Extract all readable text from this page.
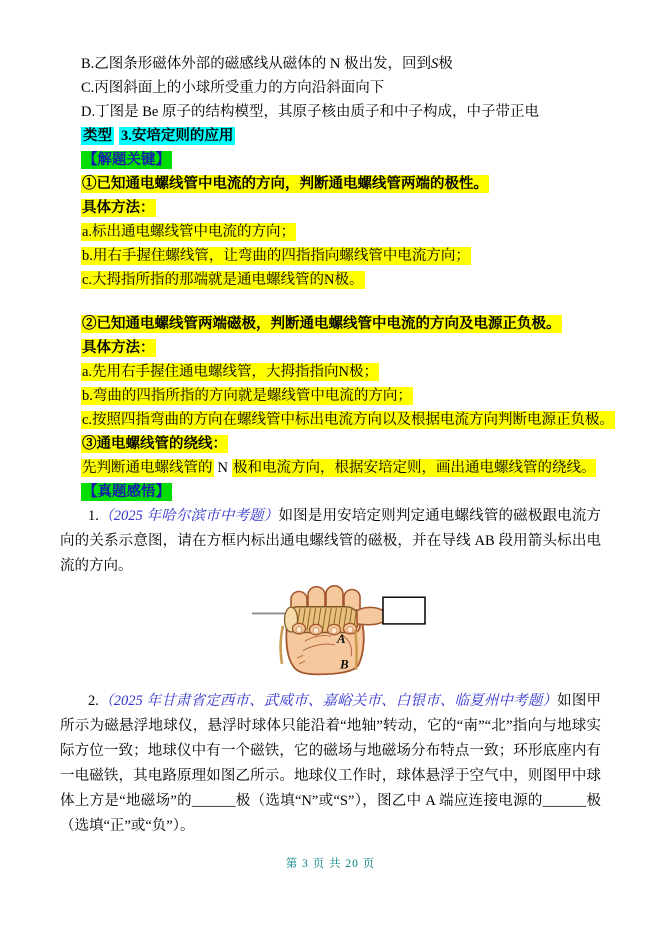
B.乙图条形磁体外部的磁感线从磁体的 N 极出发，回到S极

C.丙图斜面上的小球所受重力的方向沿斜面向下

D.丁图是 Be 原子的结构模型，其原子核由质子和中子构成，中子带正电

类型 3.安培定则的应用

【解题关键】

①已知通电螺线管中电流的方向，判断通电螺线管两端的极性。

具体方法：

a.标出通电螺线管中电流的方向；

b.用右手握住螺线管，让弯曲的四指指向螺线管中电流方向；

c.大拇指所指的那端就是通电螺线管的N极。

②已知通电螺线管两端磁极，判断通电螺线管中电流的方向及电源正负极。

具体方法：

a.先用右手握住通电螺线管，大拇指指向N极；

b.弯曲的四指所指的方向就是螺线管中电流的方向；

c.按照四指弯曲的方向在螺线管中标出电流方向以及根据电流方向判断电源正负极。

③通电螺线管的绕线：

先判断通电螺线管的 N 极和电流方向，根据安培定则，画出通电螺线管的绕线。

【真题感悟】

1.（2025 年哈尔滨市中考题）如图是用安培定则判定通电螺线管的磁极跟电流方向的关系示意图，请在方框内标出通电螺线管的磁极，并在导线 AB 段用箭头标出电流的方向。

A
B

2.（2025 年甘肃省定西市、武威市、嘉峪关市、白银市、临夏州中考题）如图甲所示为磁悬浮地球仪，悬浮时球体只能沿着“地轴”转动，它的“南”“北”指向与地球实际方位一致；地球仪中有一个磁铁，它的磁场与地磁场分布特点一致；环形底座内有一电磁铁，其电路原理如图乙所示。地球仪工作时，球体悬浮于空气中，则图甲中球体上方是“地磁场”的______极（选填“N”或“S”），图乙中 A 端应连接电源的______极（选填“正”或“负”）。

第 3 页 共 20 页
